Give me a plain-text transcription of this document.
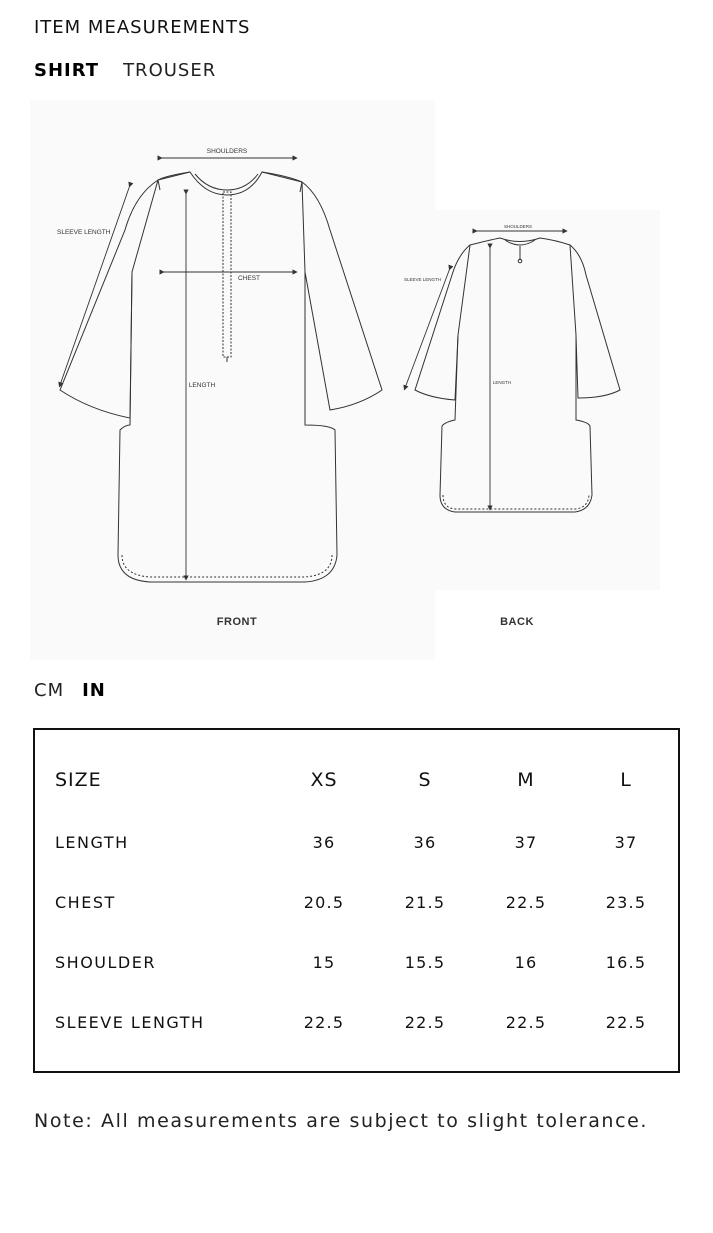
ITEM MEASUREMENTS
SHIRT TROUSER
SHOULDERS
SLEEVE LENGTH
CHEST
LENGTH
FRONT
SHOULDERS
SLEEVE LENGTH
LENGTH
BACK
CM IN
SIZE	XS	S	M	L
LENGTH	36	36	37	37
CHEST	20.5	21.5	22.5	23.5
SHOULDER	15	15.5	16	16.5
SLEEVE LENGTH	22.5	22.5	22.5	22.5
Note: All measurements are subject to slight tolerance.
